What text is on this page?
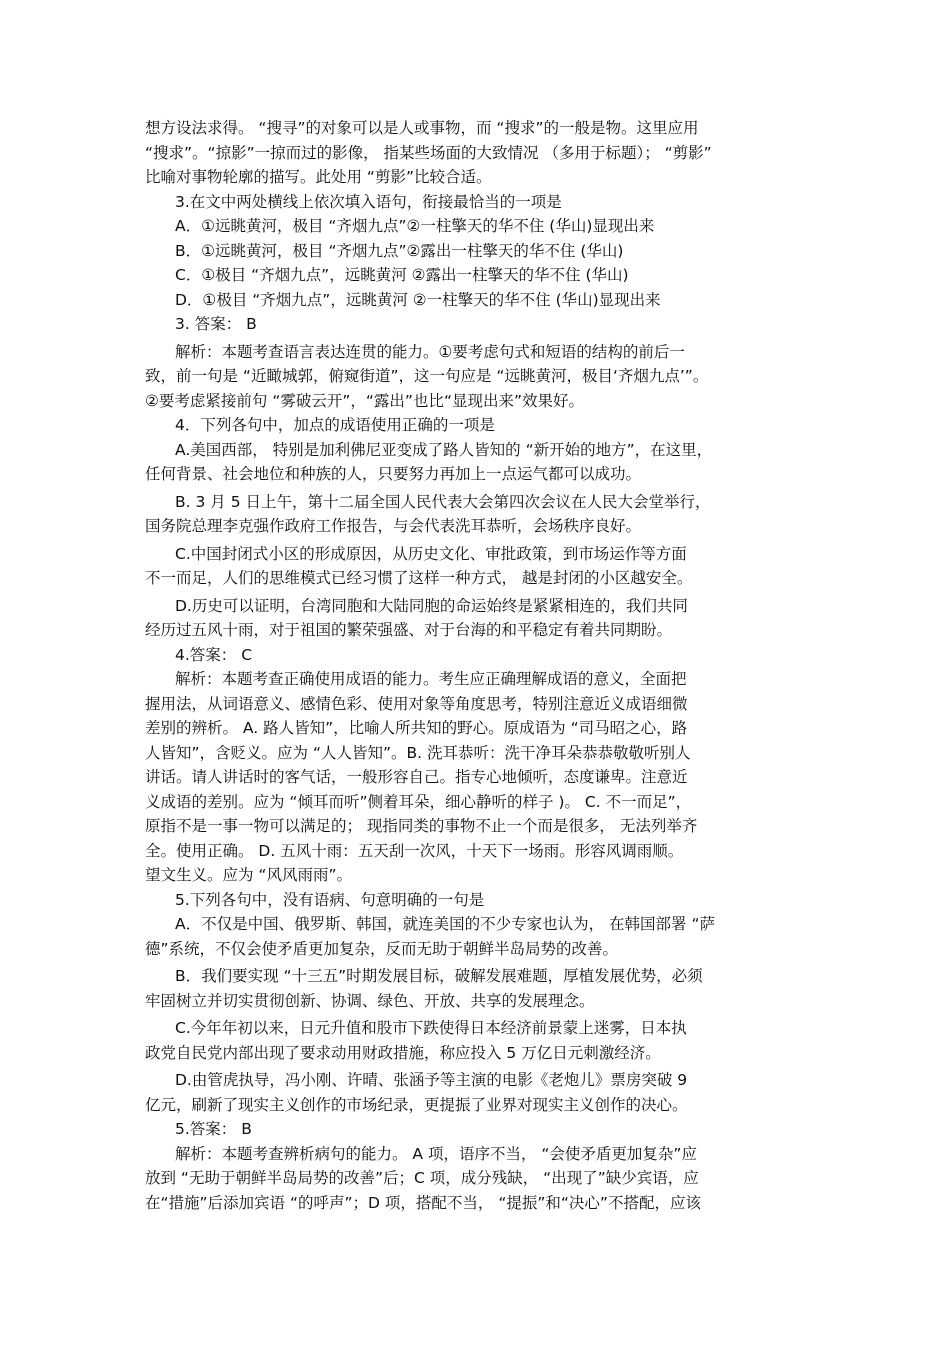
想方设法求得。 “搜寻”的对象可以是人或事物，而 “搜求”的一般是物。这里应用
“搜求”。“掠影”一掠而过的影像， 指某些场面的大致情况 （多用于标题）； “剪影”
比喻对事物轮廓的描写。此处用 “剪影”比较合适。
3.在文中两处横线上依次填入语句，衔接最恰当的一项是
A．①远眺黄河，极目 “齐烟九点”②一柱擎天的华不住 (华山)显现出来
B．①远眺黄河，极目 “齐烟九点”②露出一柱擎天的华不住 (华山)
C．①极目 “齐烟九点”，远眺黄河 ②露出一柱擎天的华不住 (华山)
D．①极目 “齐烟九点”，远眺黄河 ②一柱擎天的华不住 (华山)显现出来
3. 答案： B
解析：本题考查语言表达连贯的能力。①要考虑句式和短语的结构的前后一
致，前一句是 “近瞰城郭，俯窥街道”，这一句应是 “远眺黄河，极目‘齐烟九点’”。
②要考虑紧接前句 “雾破云开”，“露出”也比“显现出来”效果好。
4．下列各句中，加点的成语使用正确的一项是
A.美国西部， 特别是加利佛尼亚变成了路人皆知的 “新开始的地方”，在这里，
任何背景、社会地位和种族的人，只要努力再加上一点运气都可以成功。
B. 3 月 5 日上午，第十二届全国人民代表大会第四次会议在人民大会堂举行，
国务院总理李克强作政府工作报告，与会代表洗耳恭听，会场秩序良好。
C.中国封闭式小区的形成原因，从历史文化、审批政策，到市场运作等方面
不一而足，人们的思维模式已经习惯了这样一种方式， 越是封闭的小区越安全。
D.历史可以证明，台湾同胞和大陆同胞的命运始终是紧紧相连的，我们共同
经历过五风十雨，对于祖国的繁荣强盛、对于台海的和平稳定有着共同期盼。
4.答案： C
解析：本题考查正确使用成语的能力。考生应正确理解成语的意义，全面把
握用法，从词语意义、感情色彩、使用对象等角度思考，特别注意近义成语细微
差别的辨析。 A. 路人皆知”，比喻人所共知的野心。原成语为 “司马昭之心，路
人皆知”，含贬义。应为 “人人皆知”。B. 洗耳恭听：洗干净耳朵恭恭敬敬听别人
讲话。请人讲话时的客气话，一般形容自己。指专心地倾听，态度谦卑。注意近
义成语的差别。应为 “倾耳而听”侧着耳朵，细心静听的样子 )。 C. 不一而足”，
原指不是一事一物可以满足的； 现指同类的事物不止一个而是很多， 无法列举齐
全。使用正确。 D. 五风十雨：五天刮一次风，十天下一场雨。形容风调雨顺。
望文生义。应为 “风风雨雨”。
5.下列各句中，没有语病、句意明确的一句是
A．不仅是中国、俄罗斯、韩国，就连美国的不少专家也认为， 在韩国部署 “萨
德”系统，不仅会使矛盾更加复杂，反而无助于朝鲜半岛局势的改善。
B．我们要实现 “十三五”时期发展目标，破解发展难题，厚植发展优势，必须
牢固树立并切实贯彻创新、协调、绿色、开放、共享的发展理念。
C.今年年初以来，日元升值和股市下跌使得日本经济前景蒙上迷雾，日本执
政党自民党内部出现了要求动用财政措施，称应投入 5 万亿日元刺激经济。
D.由管虎执导，冯小刚、许晴、张涵予等主演的电影《老炮儿》票房突破 9
亿元，刷新了现实主义创作的市场纪录，更提振了业界对现实主义创作的决心。
5.答案： B
解析：本题考查辨析病句的能力。 A 项，语序不当， “会使矛盾更加复杂”应
放到 “无助于朝鲜半岛局势的改善”后；C 项，成分残缺， “出现了”缺少宾语，应
在“措施”后添加宾语 “的呼声”；D 项，搭配不当， “提振”和“决心”不搭配，应该
